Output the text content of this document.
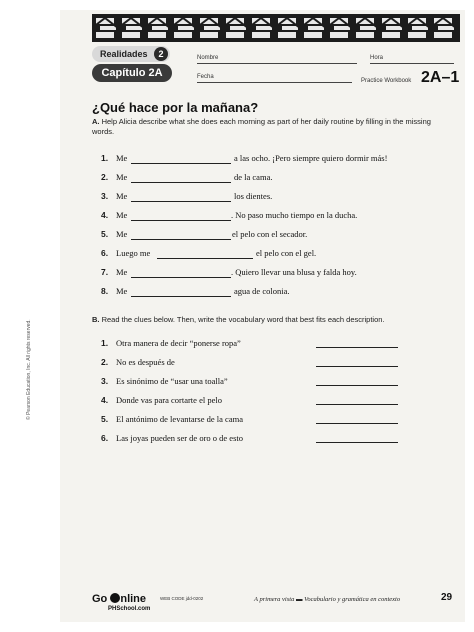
Realidades	2
Capítulo 2A
Nombre	Hora
Fecha
Practice Workbook 2A–1
¿Qué hace por la mañana?
A. Help Alicia describe what she does each morning as part of her daily routine by filling in the missing words.
1. Me	a las ocho. ¡Pero siempre quiero dormir más!
2. Me	de la cama.
3. Me	los dientes.
4. Me	. No paso mucho tiempo en la ducha.
5. Me	el pelo con el secador.
6. Luego me	el pelo con el gel.
7. Me	. Quiero llevar una blusa y falda hoy.
8. Me	agua de colonia.
B. Read the clues below. Then, write the vocabulary word that best fits each description.
1. Otra manera de decir “ponerse ropa”
2. No es después de
3. Es sinónimo de “usar una toalla”
4. Donde vas para cortarte el pelo
5. El antónimo de levantarse de la cama
6. Las joyas pueden ser de oro o de esto
© Pearson Education, Inc. All rights reserved.
Go nline	WEB CODE jdd-0202
PHSchool.com
A primera vista ▬ Vocabulario y gramática en contexto	29
